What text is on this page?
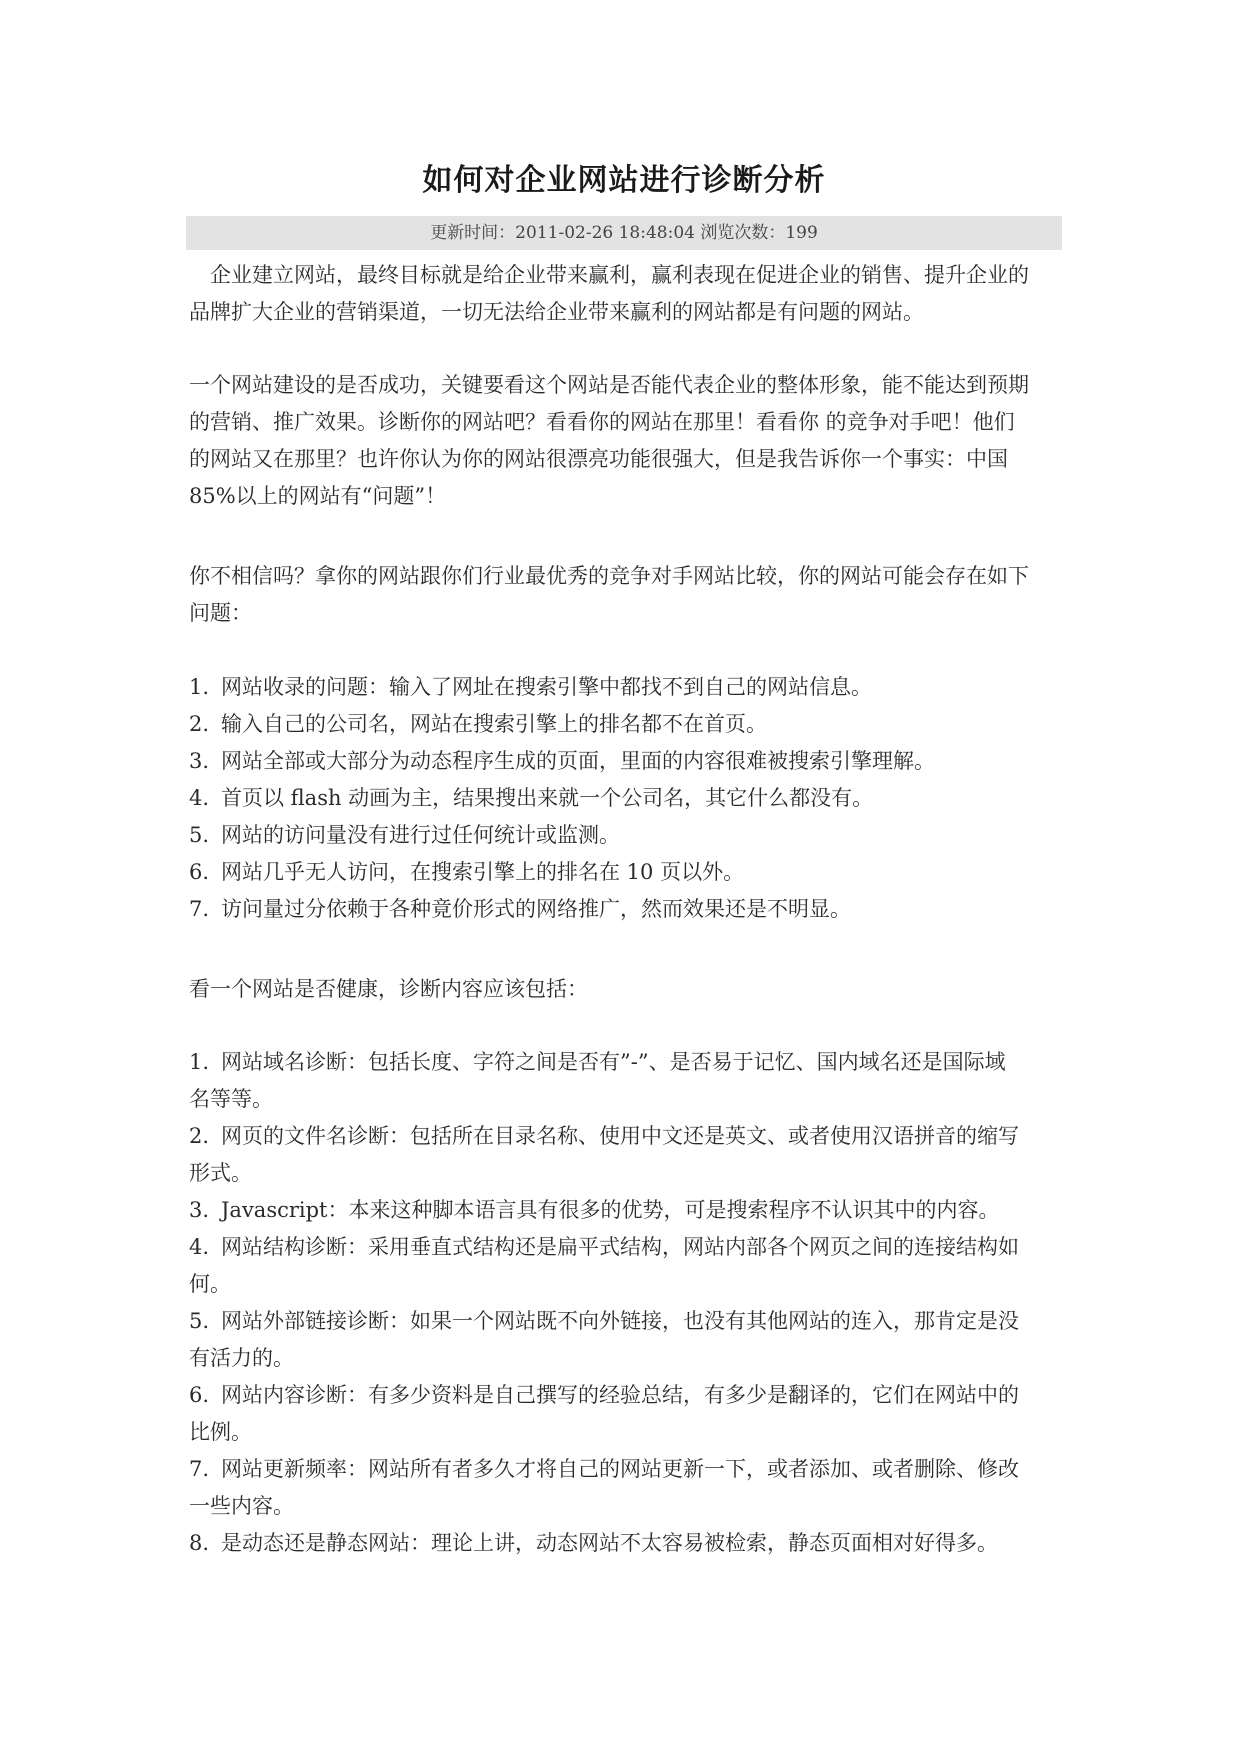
如何对企业网站进行诊断分析
更新时间：2011-02-26 18:48:04 浏览次数：199
企业建立网站，最终目标就是给企业带来赢利，赢利表现在促进企业的销售、提升企业的
品牌扩大企业的营销渠道，一切无法给企业带来赢利的网站都是有问题的网站。
一个网站建设的是否成功，关键要看这个网站是否能代表企业的整体形象，能不能达到预期
的营销、推广效果。诊断你的网站吧？看看你的网站在那里！看看你 的竞争对手吧！他们
的网站又在那里？也许你认为你的网站很漂亮功能很强大，但是我告诉你一个事实：中国
85%以上的网站有“问题”！
你不相信吗？拿你的网站跟你们行业最优秀的竞争对手网站比较，你的网站可能会存在如下
问题：
1. 网站收录的问题：输入了网址在搜索引擎中都找不到自己的网站信息。
2. 输入自己的公司名，网站在搜索引擎上的排名都不在首页。
3. 网站全部或大部分为动态程序生成的页面，里面的内容很难被搜索引擎理解。
4. 首页以 flash 动画为主，结果搜出来就一个公司名，其它什么都没有。
5. 网站的访问量没有进行过任何统计或监测。
6. 网站几乎无人访问，在搜索引擎上的排名在 10 页以外。
7. 访问量过分依赖于各种竟价形式的网络推广，然而效果还是不明显。
看一个网站是否健康，诊断内容应该包括：
1. 网站域名诊断：包括长度、字符之间是否有”-”、是否易于记忆、国内域名还是国际域
名等等。
2. 网页的文件名诊断：包括所在目录名称、使用中文还是英文、或者使用汉语拼音的缩写
形式。
3. Javascript：本来这种脚本语言具有很多的优势，可是搜索程序不认识其中的内容。
4. 网站结构诊断：采用垂直式结构还是扁平式结构，网站内部各个网页之间的连接结构如
何。
5. 网站外部链接诊断：如果一个网站既不向外链接，也没有其他网站的连入，那肯定是没
有活力的。
6. 网站内容诊断：有多少资料是自己撰写的经验总结，有多少是翻译的，它们在网站中的
比例。
7. 网站更新频率：网站所有者多久才将自己的网站更新一下，或者添加、或者删除、修改
一些内容。
8. 是动态还是静态网站：理论上讲，动态网站不太容易被检索，静态页面相对好得多。
